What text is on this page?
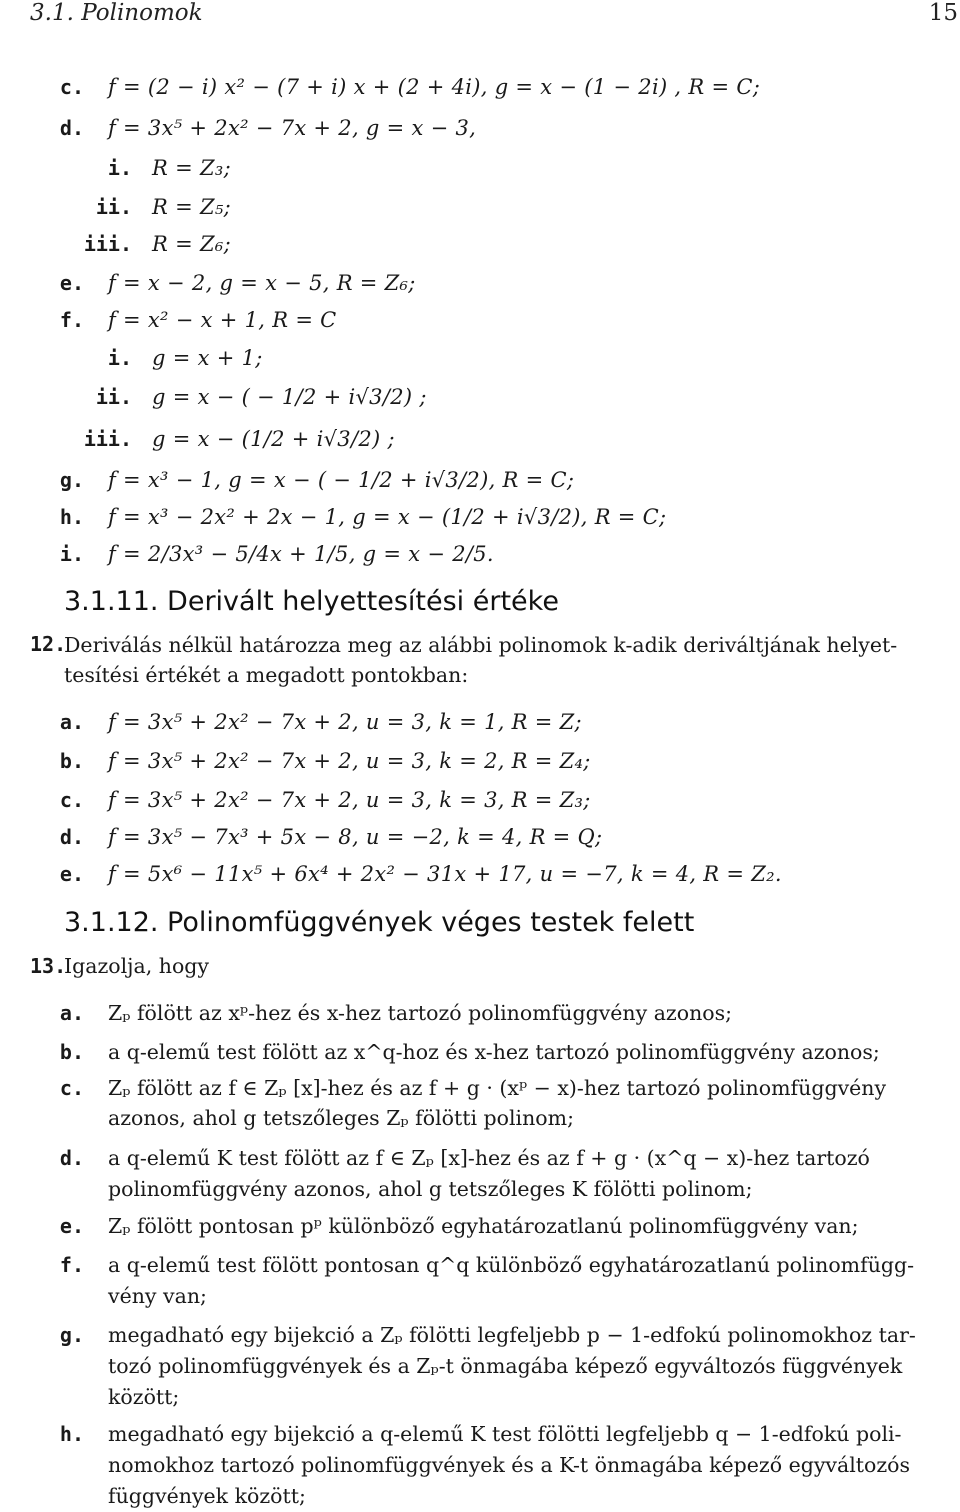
3.1. Polinomok	15
c. f = (2 − i) x² − (7 + i) x + (2 + 4i), g = x − (1 − 2i) , R = C;
d. f = 3x⁵ + 2x² − 7x + 2, g = x − 3,
i. R = Z₃;
ii. R = Z₅;
iii. R = Z₆;
e. f = x − 2, g = x − 5, R = Z₆;
f. f = x² − x + 1, R = C
i. g = x + 1;
ii. g = x − ( − 1/2 + i√3/2) ;
iii. g = x − (1/2 + i√3/2) ;
g. f = x³ − 1, g = x − ( − 1/2 + i√3/2), R = C;
h. f = x³ − 2x² + 2x − 1, g = x − (1/2 + i√3/2), R = C;
i. f = 2/3x³ − 5/4x + 1/5, g = x − 2/5.
3.1.11. Derivált helyettesítési értéke
12.
Deriválás nélkül határozza meg az alábbi polinomok k-adik deriváltjának helyet-
tesítési értékét a megadott pontokban:
a. f = 3x⁵ + 2x² − 7x + 2, u = 3, k = 1, R = Z;
b. f = 3x⁵ + 2x² − 7x + 2, u = 3, k = 2, R = Z₄;
c. f = 3x⁵ + 2x² − 7x + 2, u = 3, k = 3, R = Z₃;
d. f = 3x⁵ − 7x³ + 5x − 8, u = −2, k = 4, R = Q;
e. f = 5x⁶ − 11x⁵ + 6x⁴ + 2x² − 31x + 17, u = −7, k = 4, R = Z₂.
3.1.12. Polinomfüggvények véges testek felett
13.
Igazolja, hogy
a. Zₚ fölött az xᵖ-hez és x-hez tartozó polinomfüggvény azonos;
b. a q-elemű test fölött az x^q-hoz és x-hez tartozó polinomfüggvény azonos;
c. Zₚ fölött az f ∈ Zₚ [x]-hez és az f + g · (xᵖ − x)-hez tartozó polinomfüggvény
azonos, ahol g tetszőleges Zₚ fölötti polinom;
d. a q-elemű K test fölött az f ∈ Zₚ [x]-hez és az f + g · (x^q − x)-hez tartozó
polinomfüggvény azonos, ahol g tetszőleges K fölötti polinom;
e. Zₚ fölött pontosan pᵖ különböző egyhatározatlanú polinomfüggvény van;
f. a q-elemű test fölött pontosan q^q különböző egyhatározatlanú polinomfügg-
vény van;
g. megadható egy bijekció a Zₚ fölötti legfeljebb p − 1-edfokú polinomokhoz tar-
tozó polinomfüggvények és a Zₚ-t önmagába képező egyváltozós függvények
között;
h. megadható egy bijekció a q-elemű K test fölötti legfeljebb q − 1-edfokú poli-
nomokhoz tartozó polinomfüggvények és a K-t önmagába képező egyváltozós
függvények között;
